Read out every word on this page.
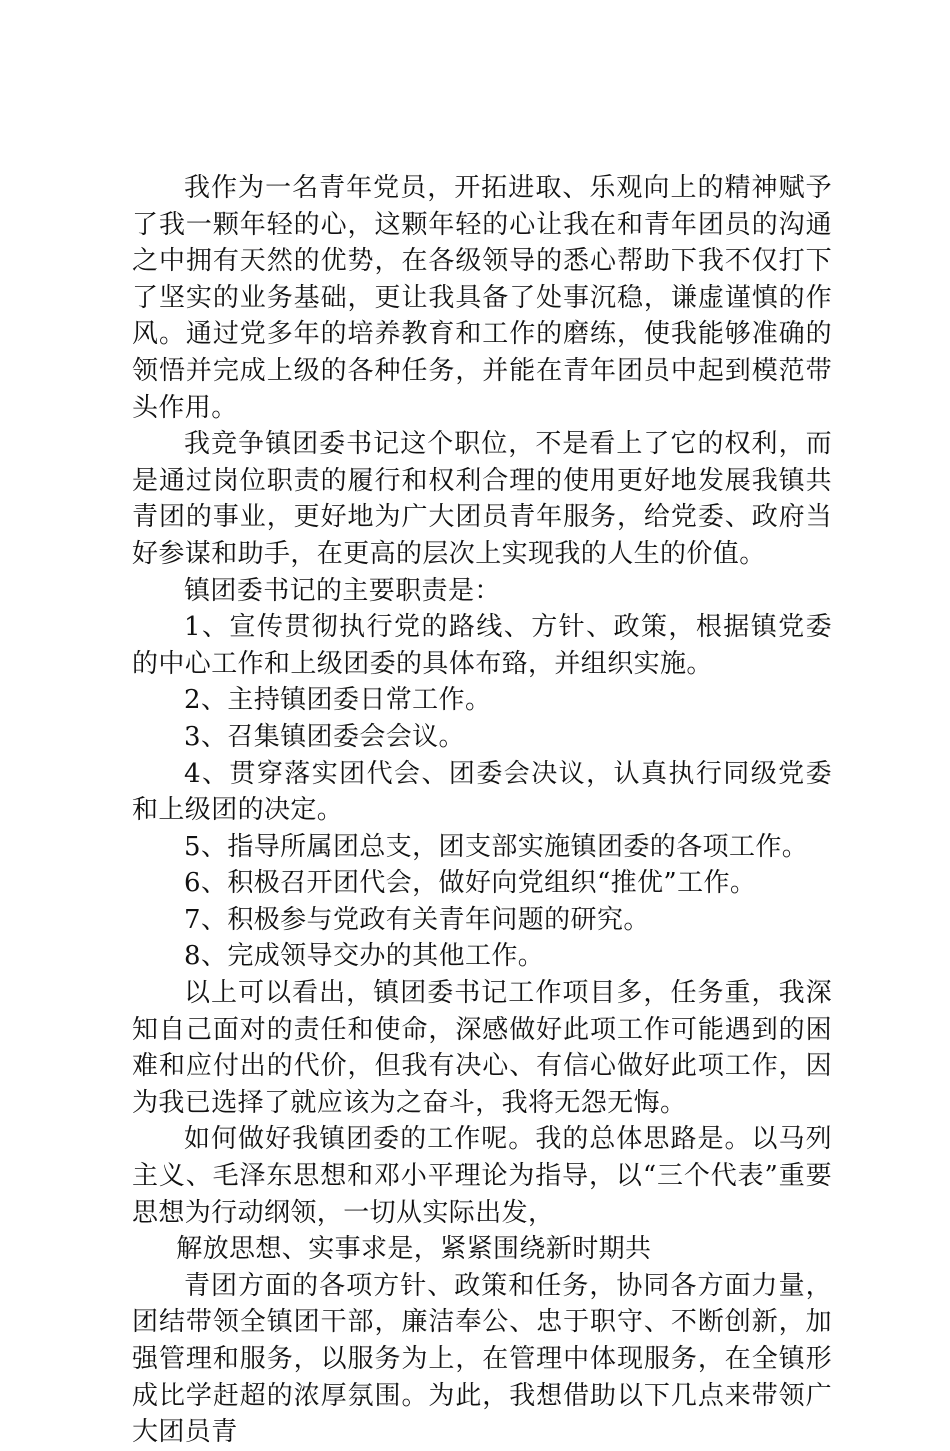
我作为一名青年党员，开拓进取、乐观向上的精神赋予了我一颗年轻的心，这颗年轻的心让我在和青年团员的沟通之中拥有天然的优势，在各级领导的悉心帮助下我不仅打下了坚实的业务基础，更让我具备了处事沉稳，谦虚谨慎的作风。通过党多年的培养教育和工作的磨练，使我能够准确的领悟并完成上级的各种任务，并能在青年团员中起到模范带头作用。

我竞争镇团委书记这个职位，不是看上了它的权利，而是通过岗位职责的履行和权利合理的使用更好地发展我镇共青团的事业，更好地为广大团员青年服务，给党委、政府当好参谋和助手，在更高的层次上实现我的人生的价值。

镇团委书记的主要职责是：

1、宣传贯彻执行党的路线、方针、政策，根据镇党委的中心工作和上级团委的具体布臵，并组织实施。

2、主持镇团委日常工作。

3、召集镇团委会会议。

4、贯穿落实团代会、团委会决议，认真执行同级党委和上级团的决定。

5、指导所属团总支，团支部实施镇团委的各项工作。

6、积极召开团代会，做好向党组织“推优”工作。

7、积极参与党政有关青年问题的研究。

8、完成领导交办的其他工作。

以上可以看出，镇团委书记工作项目多，任务重，我深知自己面对的责任和使命，深感做好此项工作可能遇到的困难和应付出的代价，但我有决心、有信心做好此项工作，因为我已选择了就应该为之奋斗，我将无怨无悔。

如何做好我镇团委的工作呢。我的总体思路是。以马列主义、毛泽东思想和邓小平理论为指导，以“三个代表”重要思想为行动纲领，一切从实际出发，

解放思想、实事求是，紧紧围绕新时期共

青团方面的各项方针、政策和任务，协同各方面力量，团结带领全镇团干部，廉洁奉公、忠于职守、不断创新，加强管理和服务，以服务为上，在管理中体现服务，在全镇形成比学赶超的浓厚氛围。为此，我想借助以下几点来带领广大团员青
